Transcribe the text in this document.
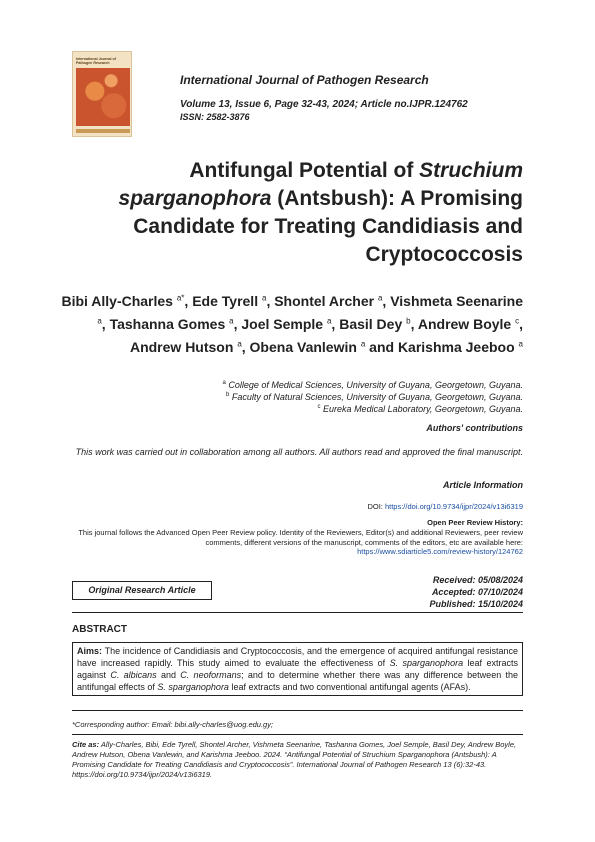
International Journal of Pathogen Research
International Journal of Pathogen Research
Volume 13, Issue 6, Page 32-43, 2024; Article no.IJPR.124762
ISSN: 2582-3876
Antifungal Potential of Struchium sparganophora (Antsbush): A Promising Candidate for Treating Candidiasis and Cryptococcosis
Bibi Ally-Charles $^{a*}$, Ede Tyrell $^a$, Shontel Archer $^a$, Vishmeta Seenarine $^a$, Tashanna Gomes $^a$, Joel Semple $^a$, Basil Dey $^b$, Andrew Boyle $^c$, Andrew Hutson $^a$, Obena Vanlewin $^a$ and Karishma Jeeboo $^a$
$^a$ College of Medical Sciences, University of Guyana, Georgetown, Guyana.
$^b$ Faculty of Natural Sciences, University of Guyana, Georgetown, Guyana.
$^c$ Eureka Medical Laboratory, Georgetown, Guyana.
Authors' contributions
This work was carried out in collaboration among all authors. All authors read and approved the final manuscript.
Article Information
DOI: https://doi.org/10.9734/ijpr/2024/v13i6319
Open Peer Review History:
This journal follows the Advanced Open Peer Review policy. Identity of the Reviewers, Editor(s) and additional Reviewers, peer review comments, different versions of the manuscript, comments of the editors, etc are available here:
https://www.sdiarticle5.com/review-history/124762
Original Research Article
Received: 05/08/2024
Accepted: 07/10/2024
Published: 15/10/2024
ABSTRACT
Aims: The incidence of Candidiasis and Cryptococcosis, and the emergence of acquired antifungal resistance have increased rapidly. This study aimed to evaluate the effectiveness of S. sparganophora leaf extracts against C. albicans and C. neoformans; and to determine whether there was any difference between the antifungal effects of S. sparganophora leaf extracts and two conventional antifungal agents (AFAs).
*Corresponding author: Email: bibi.ally-charles@uog.edu.gy;
Cite as: Ally-Charles, Bibi, Ede Tyrell, Shontel Archer, Vishmeta Seenarine, Tashanna Gomes, Joel Semple, Basil Dey, Andrew Boyle, Andrew Hutson, Obena Vanlewin, and Karishma Jeeboo. 2024. “Antifungal Potential of Struchium Sparganophora (Antsbush): A Promising Candidate for Treating Candidiasis and Cryptococcosis”. International Journal of Pathogen Research 13 (6):32-43. https://doi.org/10.9734/ijpr/2024/v13i6319.
